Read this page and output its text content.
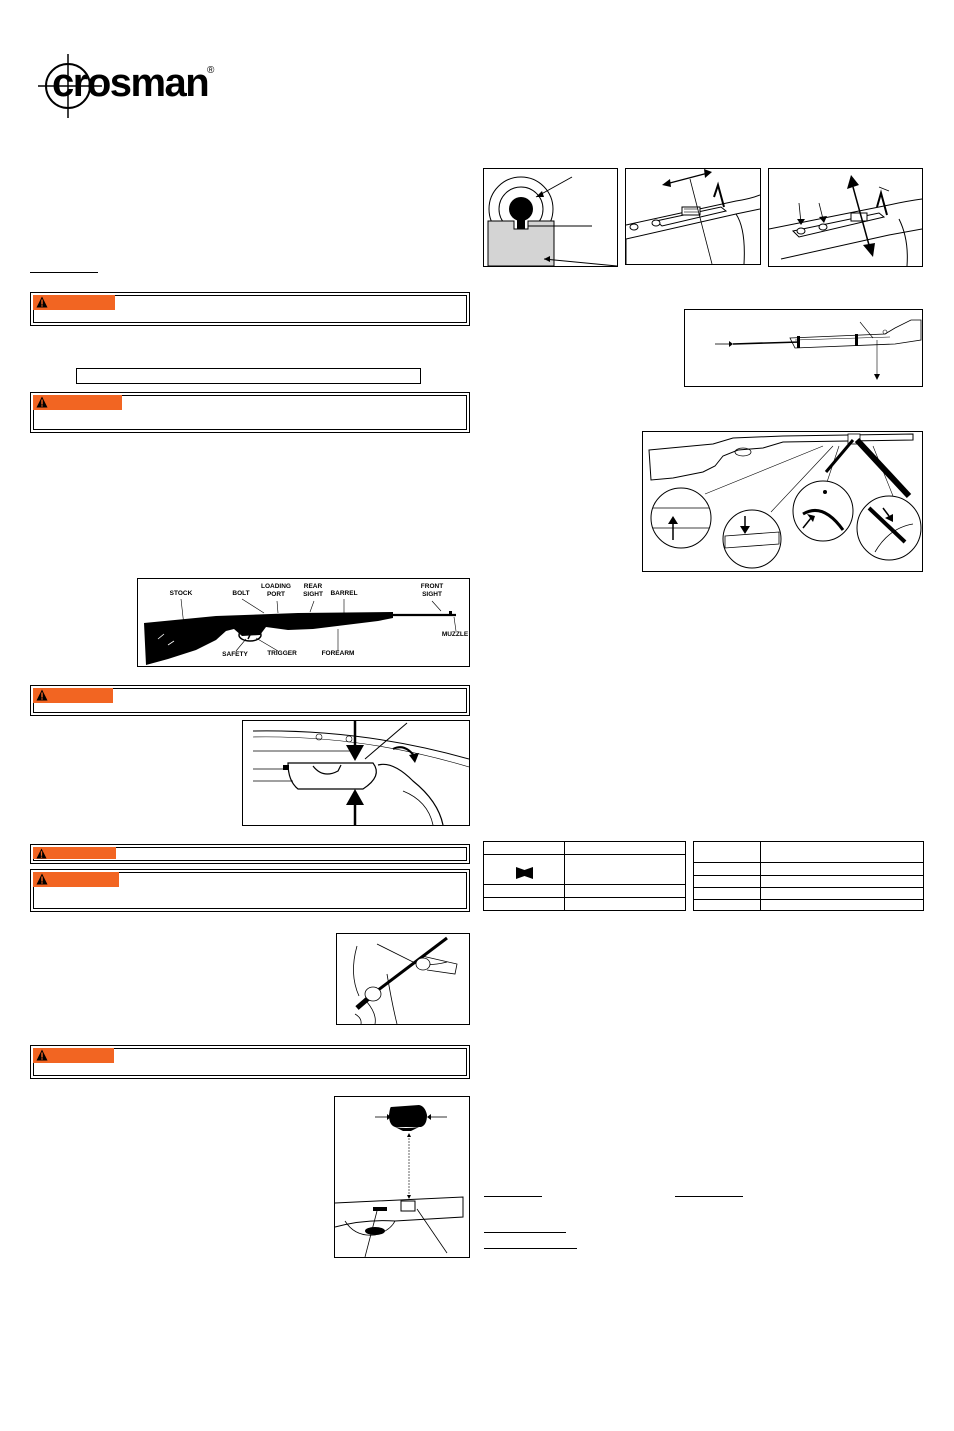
crosman
®
STOCK	BOLT
LOADING PORT
REAR SIGHT	BARREL
FRONT SIGHT
MUZZLE
SAFETY	TRIGGER	FOREARM
